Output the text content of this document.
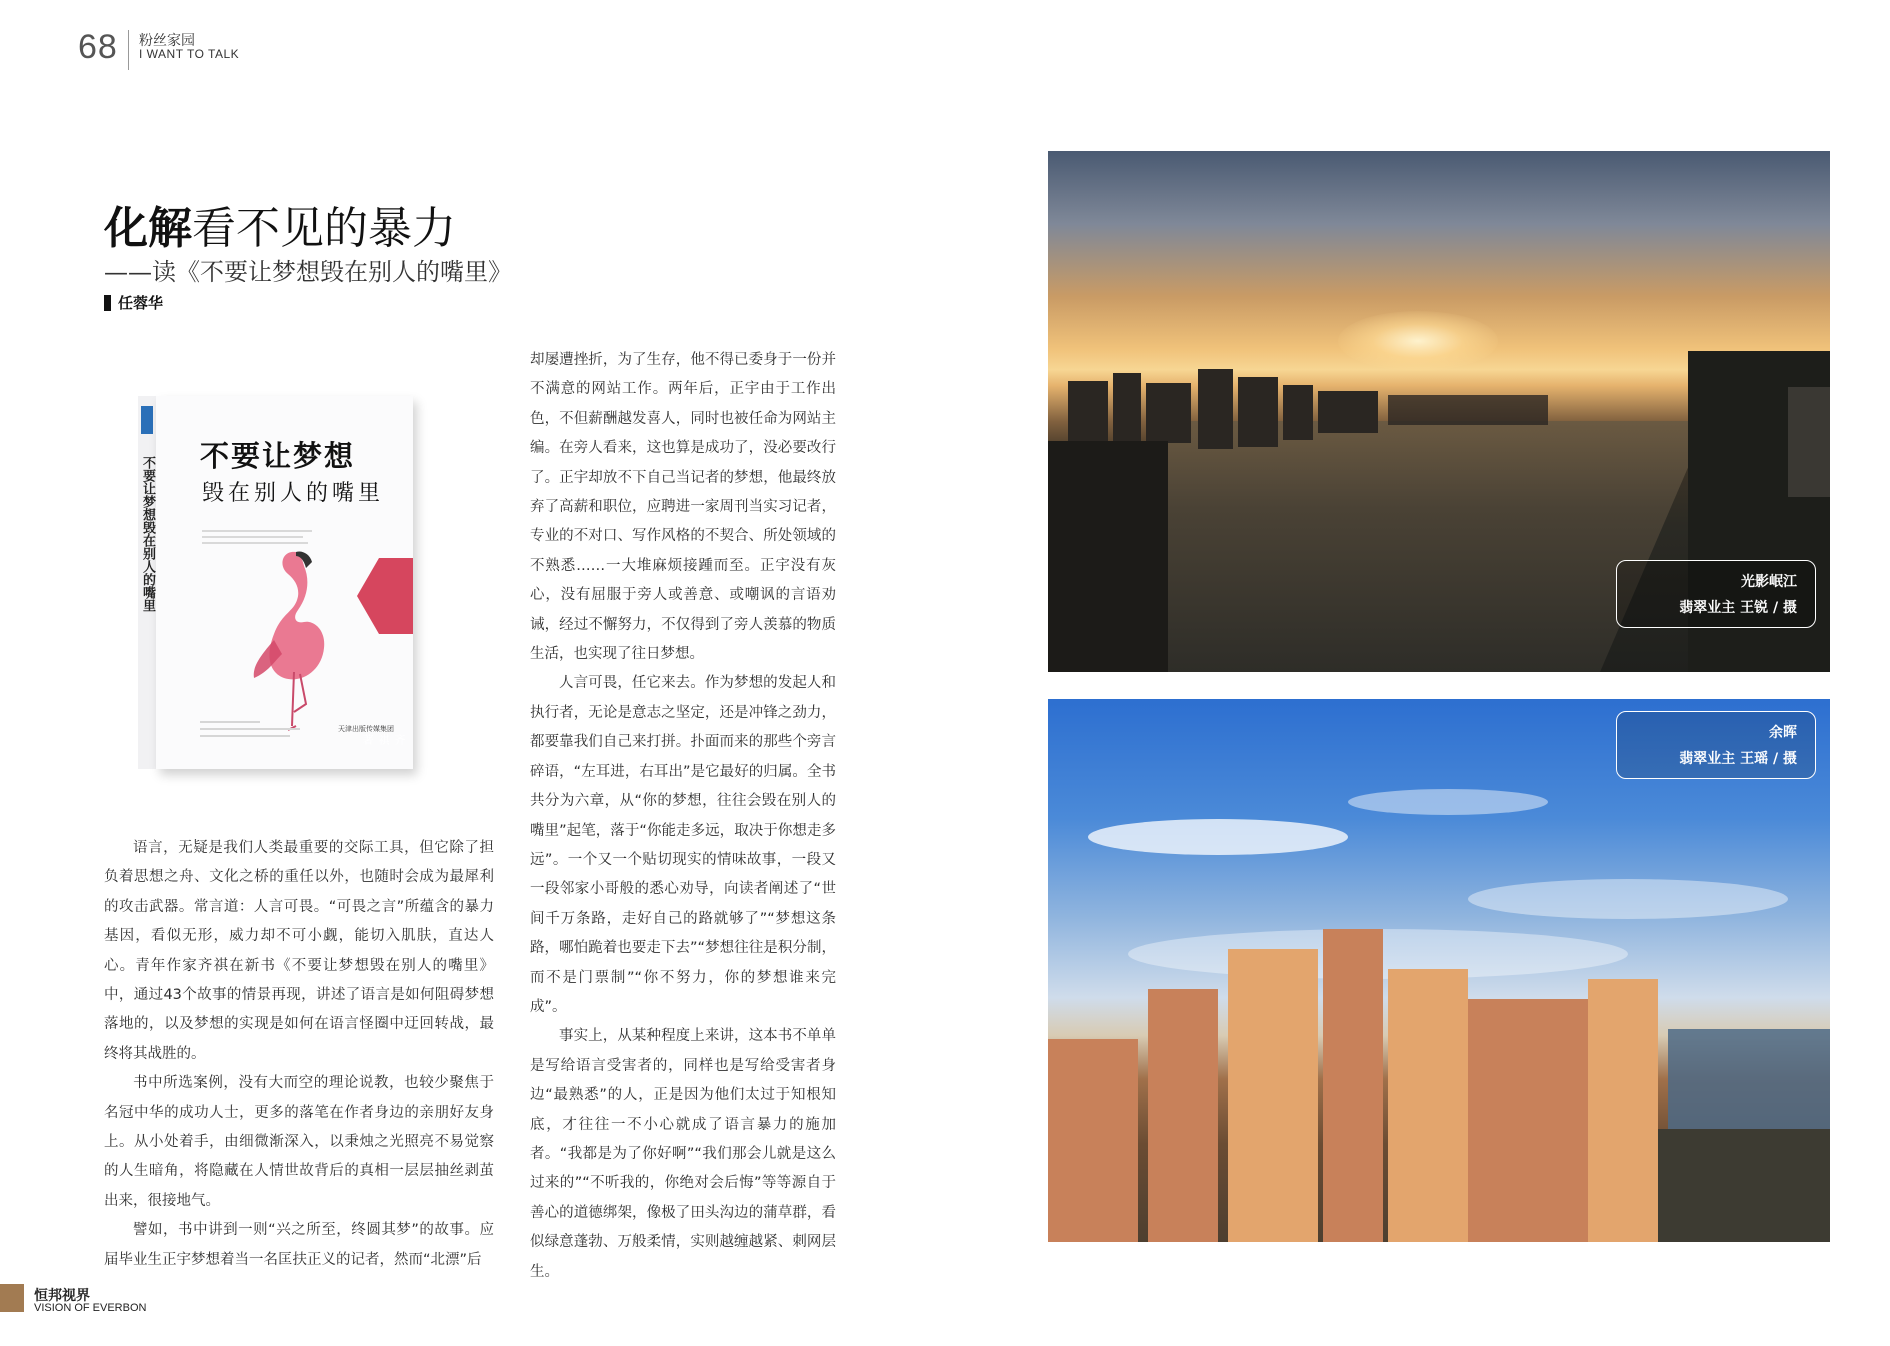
68 粉丝家园
I WANT TO TALK
化解看不见的暴力
——读《不要让梦想毁在别人的嘴里》
任蓉华
不要让梦想毁在别人的嘴里 不要让梦想
毁在别人的嘴里
齐祺 著
天津出版传媒集团

语言，无疑是我们人类最重要的交际工具，但它除了担负着思想之舟、文化之桥的重任以外，也随时会成为最犀利的攻击武器。常言道：人言可畏。“可畏之言”所蕴含的暴力基因，看似无形，威力却不可小觑，能切入肌肤，直达人心。青年作家齐祺在新书《不要让梦想毁在别人的嘴里》中，通过43个故事的情景再现，讲述了语言是如何阻碍梦想落地的，以及梦想的实现是如何在语言怪圈中迂回转战，最终将其战胜的。

书中所选案例，没有大而空的理论说教，也较少聚焦于名冠中华的成功人士，更多的落笔在作者身边的亲朋好友身上。从小处着手，由细微渐深入，以秉烛之光照亮不易觉察的人生暗角，将隐藏在人情世故背后的真相一层层抽丝剥茧出来，很接地气。

譬如，书中讲到一则“兴之所至，终圆其梦”的故事。应届毕业生正宇梦想着当一名匡扶正义的记者，然而“北漂”后

却屡遭挫折，为了生存，他不得已委身于一份并不满意的网站工作。两年后，正宇由于工作出色，不但薪酬越发喜人，同时也被任命为网站主编。在旁人看来，这也算是成功了，没必要改行了。正宇却放不下自己当记者的梦想，他最终放弃了高薪和职位，应聘进一家周刊当实习记者，专业的不对口、写作风格的不契合、所处领域的不熟悉……一大堆麻烦接踵而至。正宇没有灰心，没有屈服于旁人或善意、或嘲讽的言语劝诫，经过不懈努力，不仅得到了旁人羡慕的物质生活，也实现了往日梦想。

人言可畏，任它来去。作为梦想的发起人和执行者，无论是意志之坚定，还是冲锋之劲力，都要靠我们自己来打拼。扑面而来的那些个旁言碎语，“左耳进，右耳出”是它最好的归属。全书共分为六章，从“你的梦想，往往会毁在别人的嘴里”起笔，落于“你能走多远，取决于你想走多远”。一个又一个贴切现实的情味故事，一段又一段邻家小哥般的悉心劝导，向读者阐述了“世间千万条路，走好自己的路就够了”“梦想这条路，哪怕跪着也要走下去”“梦想往往是积分制，而不是门票制”“你不努力，你的梦想谁来完成”。

事实上，从某种程度上来讲，这本书不单单是写给语言受害者的，同样也是写给受害者身边“最熟悉”的人，正是因为他们太过于知根知底，才往往一不小心就成了语言暴力的施加者。“我都是为了你好啊”“我们那会儿就是这么过来的”“不听我的，你绝对会后悔”等等源自于善心的道德绑架，像极了田头沟边的蒲草群，看似绿意蓬勃、万般柔情，实则越缠越紧、刺网层生。

光影岷江
翡翠业主 王锐 / 摄
余晖
翡翠业主 王瑶 / 摄
恒邦视界
VISION OF EVERBON
